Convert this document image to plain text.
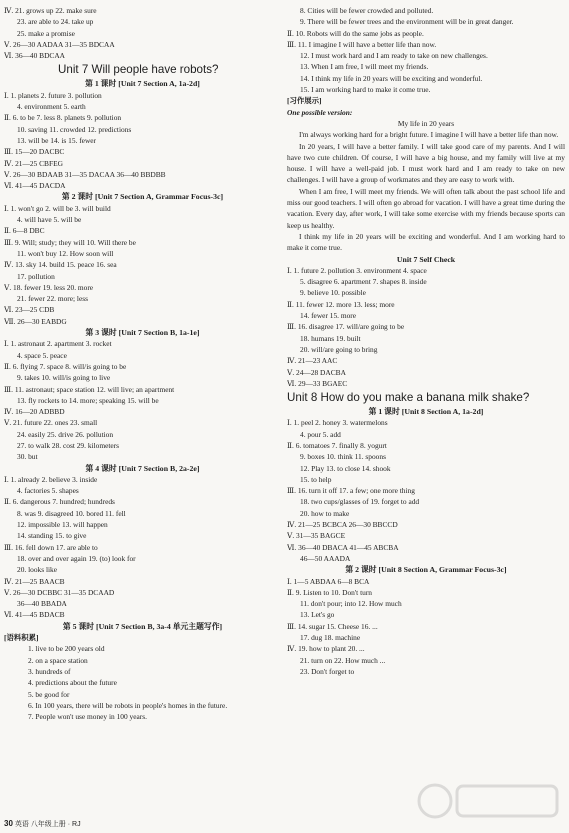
Ⅳ. 21. grows up 22. make sure
23. are able to 24. take up
25. make a promise
Ⅴ. 26—30 AADAA 31—35 BDCAA
Ⅵ. 36—40 BDCAA
Unit 7 Will people have robots?
第 1 课时 [Unit 7 Section A, 1a-2d]
Ⅰ. 1. planets 2. future 3. pollution
4. environment 5. earth
Ⅱ. 6. to be 7. less 8. planets 9. pollution
10. saving 11. crowded 12. predictions
13. will be 14. is 15. fewer
Ⅲ. 15—20 DACBC
Ⅳ. 21—25 CBFEG
Ⅴ. 26—30 BDAAB 31—35 DACAA 36—40 BBDBB
Ⅵ. 41—45 DACDA
第 2 课时 [Unit 7 Section A, Grammar Focus-3c]
Ⅰ. 1. won't go 2. will be 3. will build
4. will have 5. will be
Ⅱ. 6—8 DBC
Ⅲ. 9. Will; study; they will 10. Will there be
11. won't buy 12. How soon will
Ⅳ. 13. sky 14. build 15. peace 16. sea
17. pollution
Ⅴ. 18. fewer 19. less 20. more
21. fewer 22. more; less
Ⅵ. 23—25 CDB
Ⅶ. 26—30 EABDG
第 3 课时 [Unit 7 Section B, 1a-1e]
Ⅰ. 1. astronaut 2. apartment 3. rocket
4. space 5. peace
Ⅱ. 6. flying 7. space 8. will/is going to be
9. takes 10. will/is going to live
Ⅲ. 11. astronaut; space station 12. will live; an apartment
13. fly rockets to 14. more; speaking 15. will be
Ⅳ. 16—20 ADBBD
Ⅴ. 21. future 22. ones 23. small
24. easily 25. drive 26. pollution
27. to walk 28. cost 29. kilometers
30. but
第 4 课时 [Unit 7 Section B, 2a-2e]
Ⅰ. 1. already 2. believe 3. inside
4. factories 5. shapes
Ⅱ. 6. dangerous 7. hundred; hundreds
8. was 9. disagreed 10. bored 11. fell
12. impossible 13. will happen
14. standing 15. to give
Ⅲ. 16. fell down 17. are able to
18. over and over again 19. (to) look for
20. looks like
Ⅳ. 21—25 BAACB
Ⅴ. 26—30 DCBBC 31—35 DCAAD
36—40 BBADA
Ⅵ. 41—45 BDACB
第 5 课时 [Unit 7 Section B, 3a-4 单元主题写作]
[语料积累]
1. live to be 200 years old
2. on a space station
3. hundreds of
4. predictions about the future
5. be good for
6. In 100 years, there will be robots in people's homes in the future.
7. People won't use money in 100 years.
8. Cities will be fewer crowded and polluted.
9. There will be fewer trees and the environment will be in great danger.
Ⅱ. 10. Robots will do the same jobs as people.
Ⅲ. 11. I imagine I will have a better life than now.
12. I must work hard and I am ready to take on new challenges.
13. When I am free, I will meet my friends.
14. I think my life in 20 years will be exciting and wonderful.
15. I am working hard to make it come true.
[习作展示]
One possible version:
My life in 20 years
I'm always working hard for a bright future. I imagine I will have a better life than now.
In 20 years, I will have a better family. I will take good care of my parents. And I will have two cute children. Of course, I will have a big house, and my family will live at my house. I will have a well-paid job. I must work hard and I am ready to take on new challenges. I will have a group of workmates and they are easy to work with.
When I am free, I will meet my friends. We will often talk about the past school life and miss our good teachers. I will often go abroad for vacation. I will have a great time during the vacation. Every day, after work, I will take some exercise with my friends because sports can keep us healthy.
I think my life in 20 years will be exciting and wonderful. And I am working hard to make it come true.
Unit 7 Self Check
Ⅰ. 1. future 2. pollution 3. environment 4. space
5. disagree 6. apartment 7. shapes 8. inside
9. believe 10. possible
Ⅱ. 11. fewer 12. more 13. less; more
14. fewer 15. more
Ⅲ. 16. disagree 17. will/are going to be
18. humans 19. built
20. will/are going to bring
Ⅳ. 21—23 AAC
Ⅴ. 24—28 DACBA
Ⅵ. 29—33 BGAEC
Unit 8 How do you make a banana milk shake?
第 1 课时 [Unit 8 Section A, 1a-2d]
Ⅰ. 1. peel 2. honey 3. watermelons
4. pour 5. add
Ⅱ. 6. tomatoes 7. finally 8. yogurt
9. boxes 10. think 11. spoons
12. Play 13. to close 14. shook
15. to help
Ⅲ. 16. turn it off 17. a few; one more thing
18. two cups/glasses of 19. forget to add
20. how to make
Ⅳ. 21—25 BCBCA 26—30 BBCCD
Ⅴ. 31—35 BAGCE
Ⅵ. 36—40 DBACA 41—45 ABCBA
46—50 AAADA
第 2 课时 [Unit 8 Section A, Grammar Focus-3c]
Ⅰ. 1—5 ABDAA 6—8 BCA
Ⅱ. 9. Listen to 10. Don't turn
11. don't pour; into 12. How much
13. Let's go
Ⅲ. 14. sugar 15. Cheese 16. ...
17. dug 18. machine
Ⅳ. 19. how to plant 20. ...
21. turn on 22. How much ...
23. Don't forget to
30 英语 八年级上册 · RJ
